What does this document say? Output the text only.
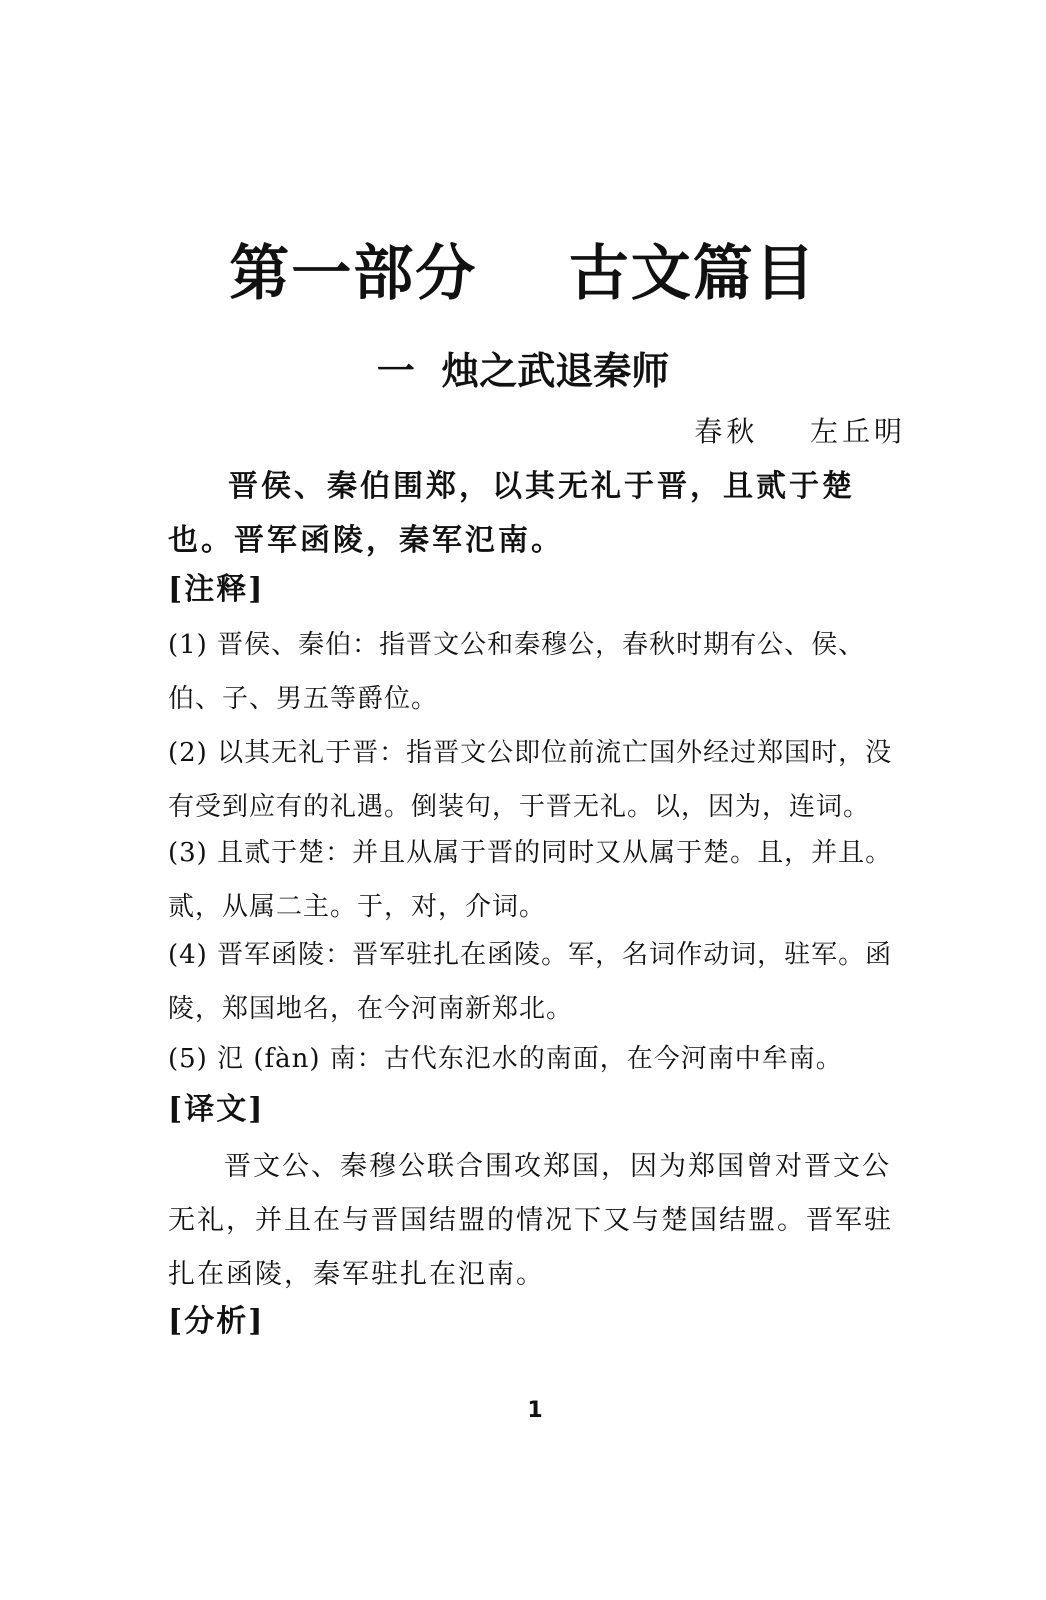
第一部分    古文篇目
一  烛之武退秦师
春秋    左丘明
晋侯、秦伯围郑，以其无礼于晋，且贰于楚也。晋军函陵，秦军氾南。
[注释]
(1) 晋侯、秦伯：指晋文公和秦穆公，春秋时期有公、侯、伯、子、男五等爵位。
(2) 以其无礼于晋：指晋文公即位前流亡国外经过郑国时，没有受到应有的礼遇。倒装句，于晋无礼。以，因为，连词。
(3) 且贰于楚：并且从属于晋的同时又从属于楚。且，并且。贰，从属二主。于，对，介词。
(4) 晋军函陵：晋军驻扎在函陵。军，名词作动词，驻军。函陵，郑国地名，在今河南新郑北。
(5) 氾 (fàn) 南：古代东氾水的南面，在今河南中牟南。
[译文]
晋文公、秦穆公联合围攻郑国，因为郑国曾对晋文公无礼，并且在与晋国结盟的情况下又与楚国结盟。晋军驻扎在函陵，秦军驻扎在氾南。
[分析]
1
